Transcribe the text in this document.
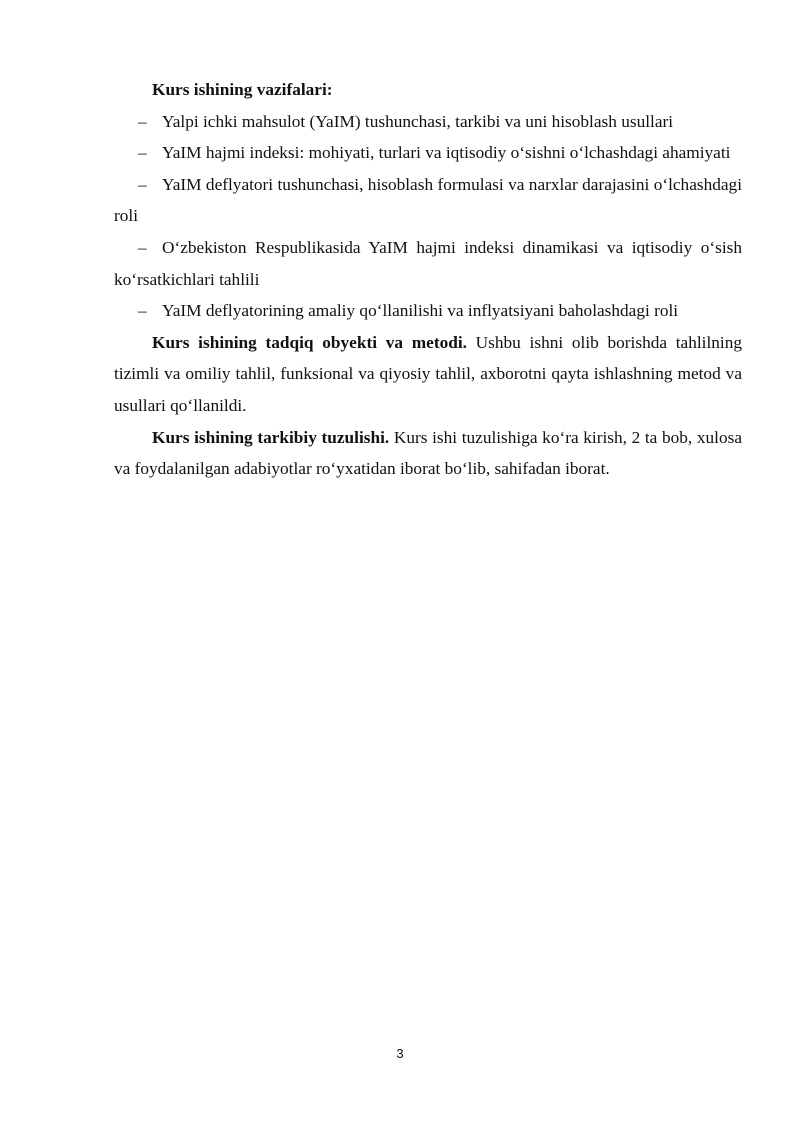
Kurs ishining vazifalari:

– Yalpi ichki mahsulot (YaIM) tushunchasi, tarkibi va uni hisoblash usullari

– YaIM hajmi indeksi: mohiyati, turlari va iqtisodiy o‘sishni o‘lchashdagi ahamiyati

– YaIM deflyatori tushunchasi, hisoblash formulasi va narxlar darajasini o‘lchashdagi roli

– O‘zbekiston Respublikasida YaIM hajmi indeksi dinamikasi va iqtisodiy o‘sish ko‘rsatkichlari tahlili

– YaIM deflyatorining amaliy qo‘llanilishi va inflyatsiyani baholashdagi roli

Kurs ishining tadqiq obyekti va metodi. Ushbu ishni olib borishda tahlilning tizimli va omiliy tahlil, funksional va qiyosiy tahlil, axborotni qayta ishlashning metod va usullari qo‘llanildi.

Kurs ishining tarkibiy tuzulishi. Kurs ishi tuzulishiga ko‘ra kirish, 2 ta bob, xulosa va foydalanilgan adabiyotlar ro‘yxatidan iborat bo‘lib, sahifadan iborat.

3
